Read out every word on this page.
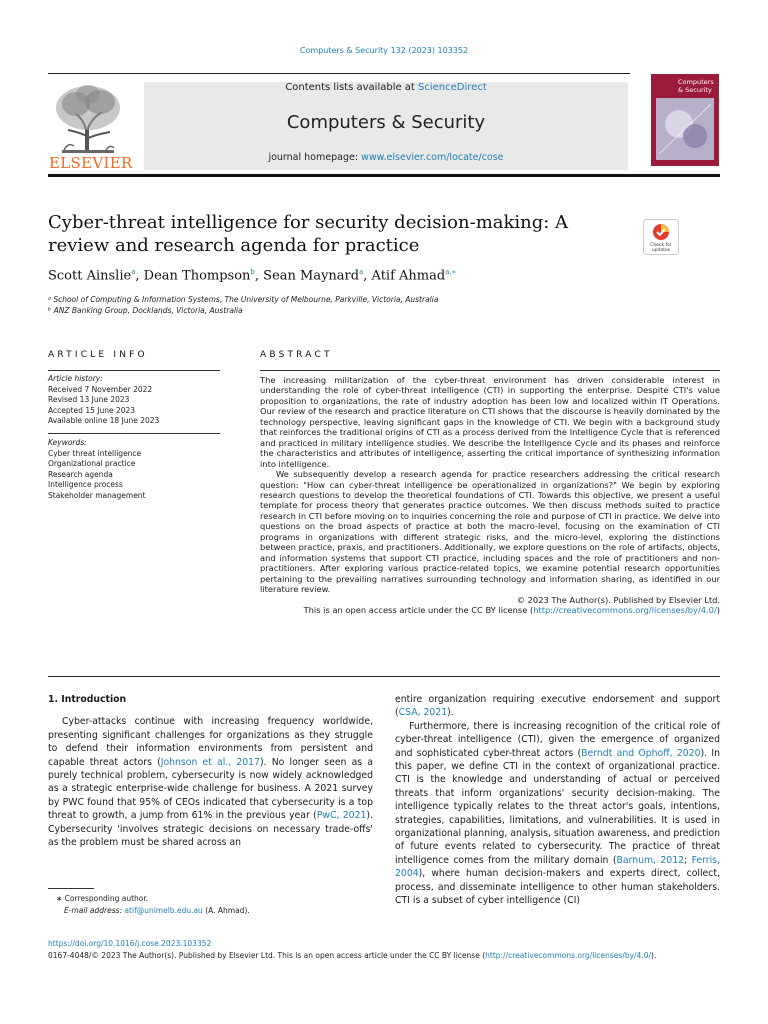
Computers & Security 132 (2023) 103352
ELSEVIER
Contents lists available at ScienceDirect
Computers & Security
journal homepage: www.elsevier.com/locate/cose
Computers
& Security
Cyber-threat intelligence for security decision-making: A review and research agenda for practice	Check for
updates
Scott Ainslie$^a$, Dean Thompson$^b$, Sean Maynard$^a$, Atif Ahmad$^{a,∗}$
ᵃ School of Computing & Information Systems, The University of Melbourne, Parkville, Victoria, Australia
ᵇ ANZ Banking Group, Docklands, Victoria, Australia
ARTICLE INFO
Article history:
Received 7 November 2022
Revised 13 June 2023
Accepted 15 June 2023
Available online 18 June 2023
Keywords:
Cyber threat intelligence
Organizational practice
Research agenda
Intelligence process
Stakeholder management
ABSTRACT

The increasing militarization of the cyber-threat environment has driven considerable interest in understanding the role of cyber-threat intelligence (CTI) in supporting the enterprise. Despite CTI's value proposition to organizations, the rate of industry adoption has been low and localized within IT Operations. Our review of the research and practice literature on CTI shows that the discourse is heavily dominated by the technology perspective, leaving significant gaps in the knowledge of CTI. We begin with a background study that reinforces the traditional origins of CTI as a process derived from the Intelligence Cycle that is referenced and practiced in military intelligence studies. We describe the Intelligence Cycle and its phases and reinforce the characteristics and attributes of intelligence, asserting the critical importance of synthesizing information into intelligence.

We subsequently develop a research agenda for practice researchers addressing the critical research question: "How can cyber-threat intelligence be operationalized in organizations?" We begin by exploring research questions to develop the theoretical foundations of CTI. Towards this objective, we present a useful template for process theory that generates practice outcomes. We then discuss methods suited to practice research in CTI before moving on to inquiries concerning the role and purpose of CTI in practice. We delve into questions on the broad aspects of practice at both the macro-level, focusing on the examination of CTI programs in organizations with different strategic risks, and the micro-level, exploring the distinctions between practice, praxis, and practitioners. Additionally, we explore questions on the role of artifacts, objects, and information systems that support CTI practice, including spaces and the role of practitioners and non-practitioners. After exploring various practice-related topics, we examine potential research opportunities pertaining to the prevailing narratives surrounding technology and information sharing, as identified in our literature review.

© 2023 The Author(s). Published by Elsevier Ltd.

This is an open access article under the CC BY license (http://creativecommons.org/licenses/by/4.0/)

1. Introduction

Cyber-attacks continue with increasing frequency worldwide, presenting significant challenges for organizations as they struggle to defend their information environments from persistent and capable threat actors (Johnson et al., 2017). No longer seen as a purely technical problem, cybersecurity is now widely acknowledged as a strategic enterprise-wide challenge for business. A 2021 survey by PWC found that 95% of CEOs indicated that cybersecurity is a top threat to growth, a jump from 61% in the previous year (PwC, 2021). Cybersecurity 'involves strategic decisions on necessary trade-offs' as the problem must be shared across an

entire organization requiring executive endorsement and support (CSA, 2021).

Furthermore, there is increasing recognition of the critical role of cyber-threat intelligence (CTI), given the emergence of organized and sophisticated cyber-threat actors (Berndt and Ophoff, 2020). In this paper, we define CTI in the context of organizational practice. CTI is the knowledge and understanding of actual or perceived threats that inform organizations' security decision-making. The intelligence typically relates to the threat actor's goals, intentions, strategies, capabilities, limitations, and vulnerabilities. It is used in organizational planning, analysis, situation awareness, and prediction of future events related to cybersecurity. The practice of threat intelligence comes from the military domain (Barnum, 2012; Ferris, 2004), where human decision-makers and experts direct, collect, process, and disseminate intelligence to other human stakeholders. CTI is a subset of cyber intelligence (CI)

∗ Corresponding author.
E-mail address: atif@unimelb.edu.au (A. Ahmad).
https://doi.org/10.1016/j.cose.2023.103352
0167-4048/© 2023 The Author(s). Published by Elsevier Ltd. This is an open access article under the CC BY license (http://creativecommons.org/licenses/by/4.0/).
